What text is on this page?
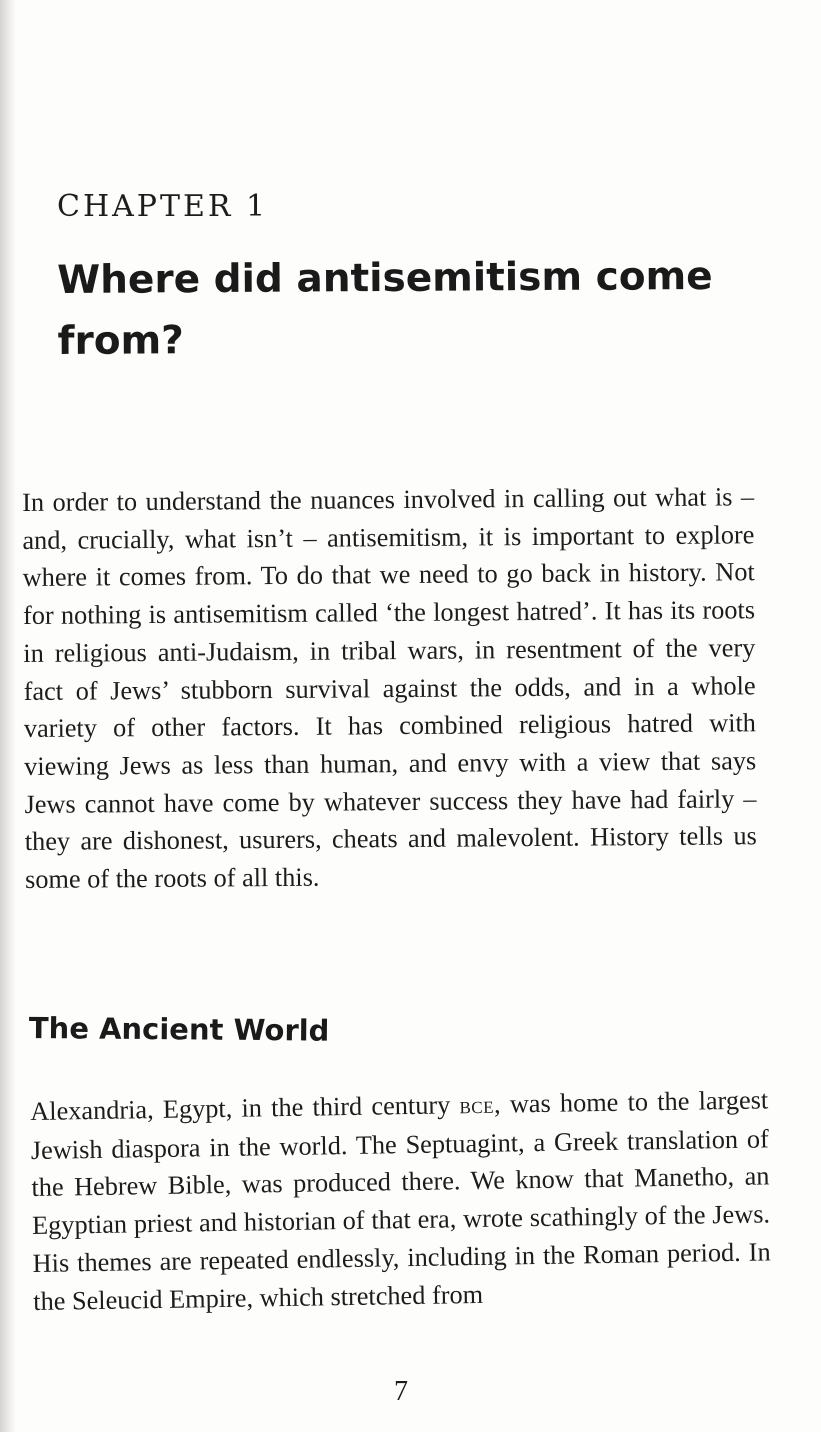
CHAPTER 1
Where did antisemitism come from?

In order to understand the nuances involved in calling out what is – and, crucially, what isn’t – antisemitism, it is important to explore where it comes from. To do that we need to go back in history. Not for nothing is antisemitism called ‘the longest hatred’. It has its roots in religious anti-Judaism, in tribal wars, in resentment of the very fact of Jews’ stubborn survival against the odds, and in a whole variety of other factors. It has combined religious hatred with viewing Jews as less than human, and envy with a view that says Jews cannot have come by whatever success they have had fairly – they are dishonest, usurers, cheats and malevolent. History tells us some of the roots of all this.

The Ancient World

Alexandria, Egypt, in the third century bce, was home to the largest Jewish diaspora in the world. The Septuagint, a Greek translation of the Hebrew Bible, was produced there. We know that Manetho, an Egyptian priest and historian of that era, wrote scathingly of the Jews. His themes are repeated endlessly, including in the Roman period. In the Seleucid Empire, which stretched from

7
